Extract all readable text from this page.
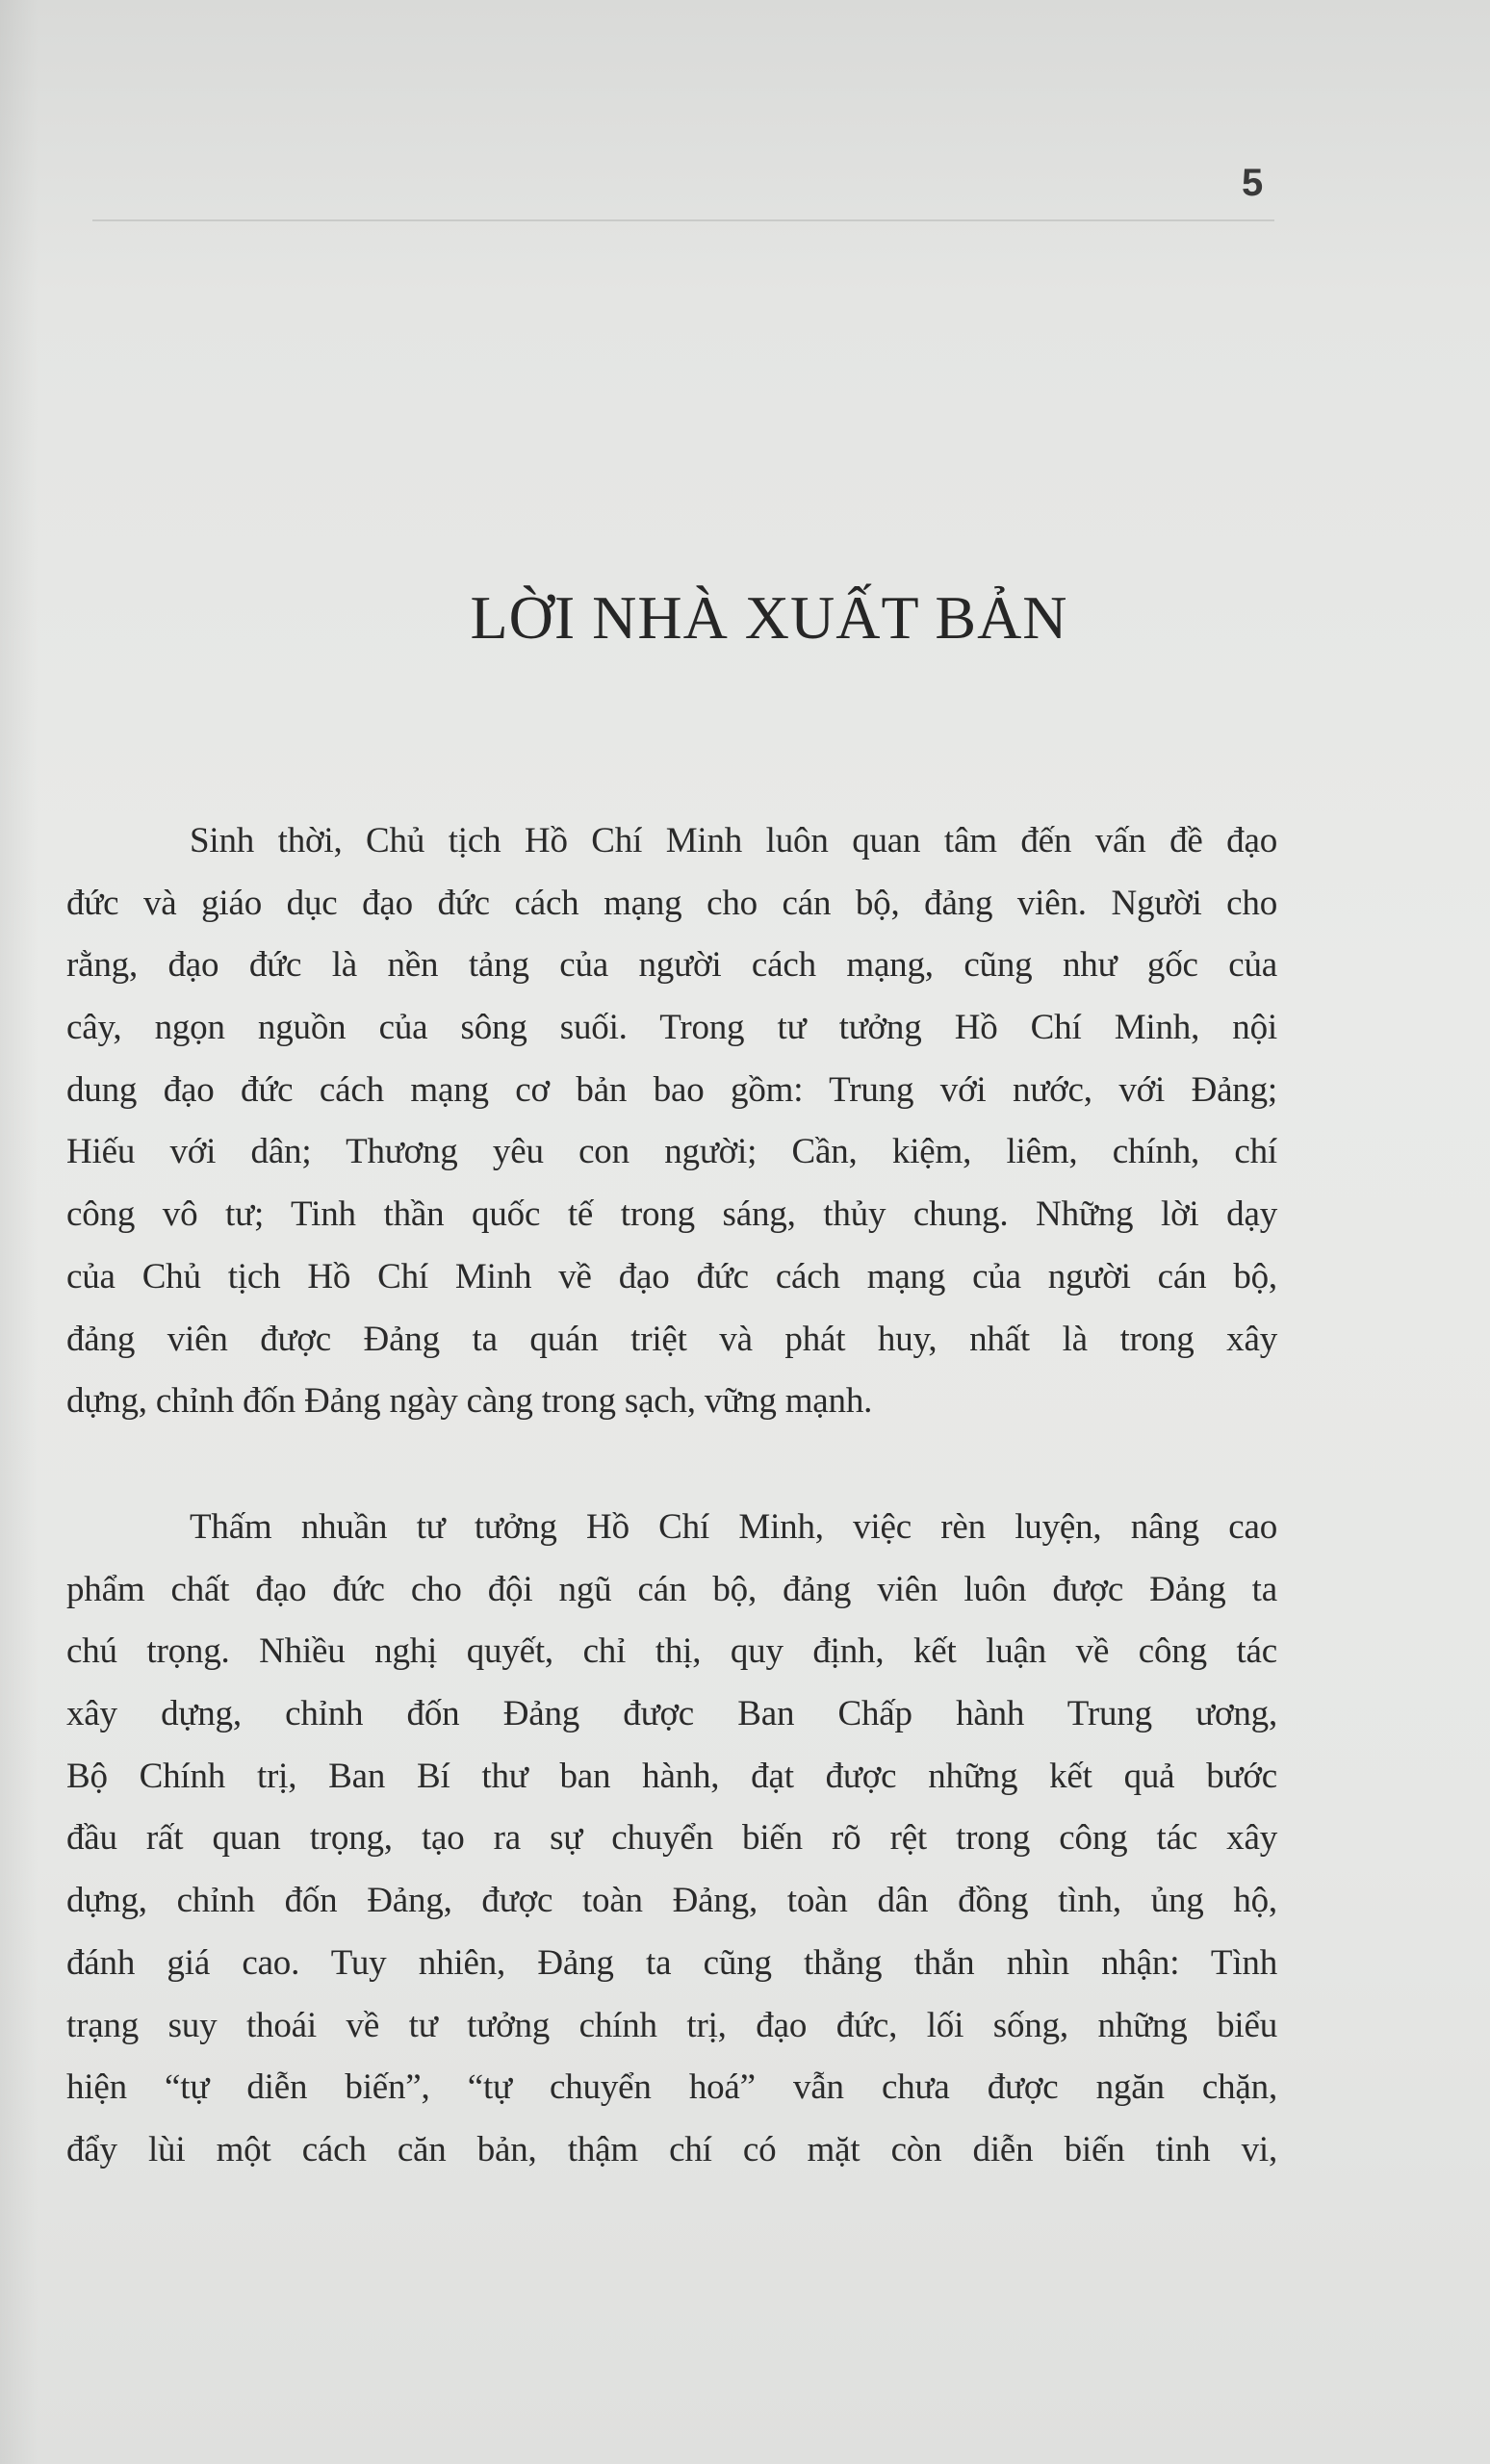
5
LỜI NHÀ XUẤT BẢN
Sinh thời, Chủ tịch Hồ Chí Minh luôn quan tâm đến vấn đề đạo
đức và giáo dục đạo đức cách mạng cho cán bộ, đảng viên. Người cho
rằng, đạo đức là nền tảng của người cách mạng, cũng như gốc của
cây, ngọn nguồn của sông suối. Trong tư tưởng Hồ Chí Minh, nội
dung đạo đức cách mạng cơ bản bao gồm: Trung với nước, với Đảng;
Hiếu với dân; Thương yêu con người; Cần, kiệm, liêm, chính, chí
công vô tư; Tinh thần quốc tế trong sáng, thủy chung. Những lời dạy
của Chủ tịch Hồ Chí Minh về đạo đức cách mạng của người cán bộ,
đảng viên được Đảng ta quán triệt và phát huy, nhất là trong xây
dựng, chỉnh đốn Đảng ngày càng trong sạch, vững mạnh.
Thấm nhuần tư tưởng Hồ Chí Minh, việc rèn luyện, nâng cao
phẩm chất đạo đức cho đội ngũ cán bộ, đảng viên luôn được Đảng ta
chú trọng. Nhiều nghị quyết, chỉ thị, quy định, kết luận về công tác
xây dựng, chỉnh đốn Đảng được Ban Chấp hành Trung ương,
Bộ Chính trị, Ban Bí thư ban hành, đạt được những kết quả bước
đầu rất quan trọng, tạo ra sự chuyển biến rõ rệt trong công tác xây
dựng, chỉnh đốn Đảng, được toàn Đảng, toàn dân đồng tình, ủng hộ,
đánh giá cao. Tuy nhiên, Đảng ta cũng thẳng thắn nhìn nhận: Tình
trạng suy thoái về tư tưởng chính trị, đạo đức, lối sống, những biểu
hiện “tự diễn biến”, “tự chuyển hoá” vẫn chưa được ngăn chặn,
đẩy lùi một cách căn bản, thậm chí có mặt còn diễn biến tinh vi,
